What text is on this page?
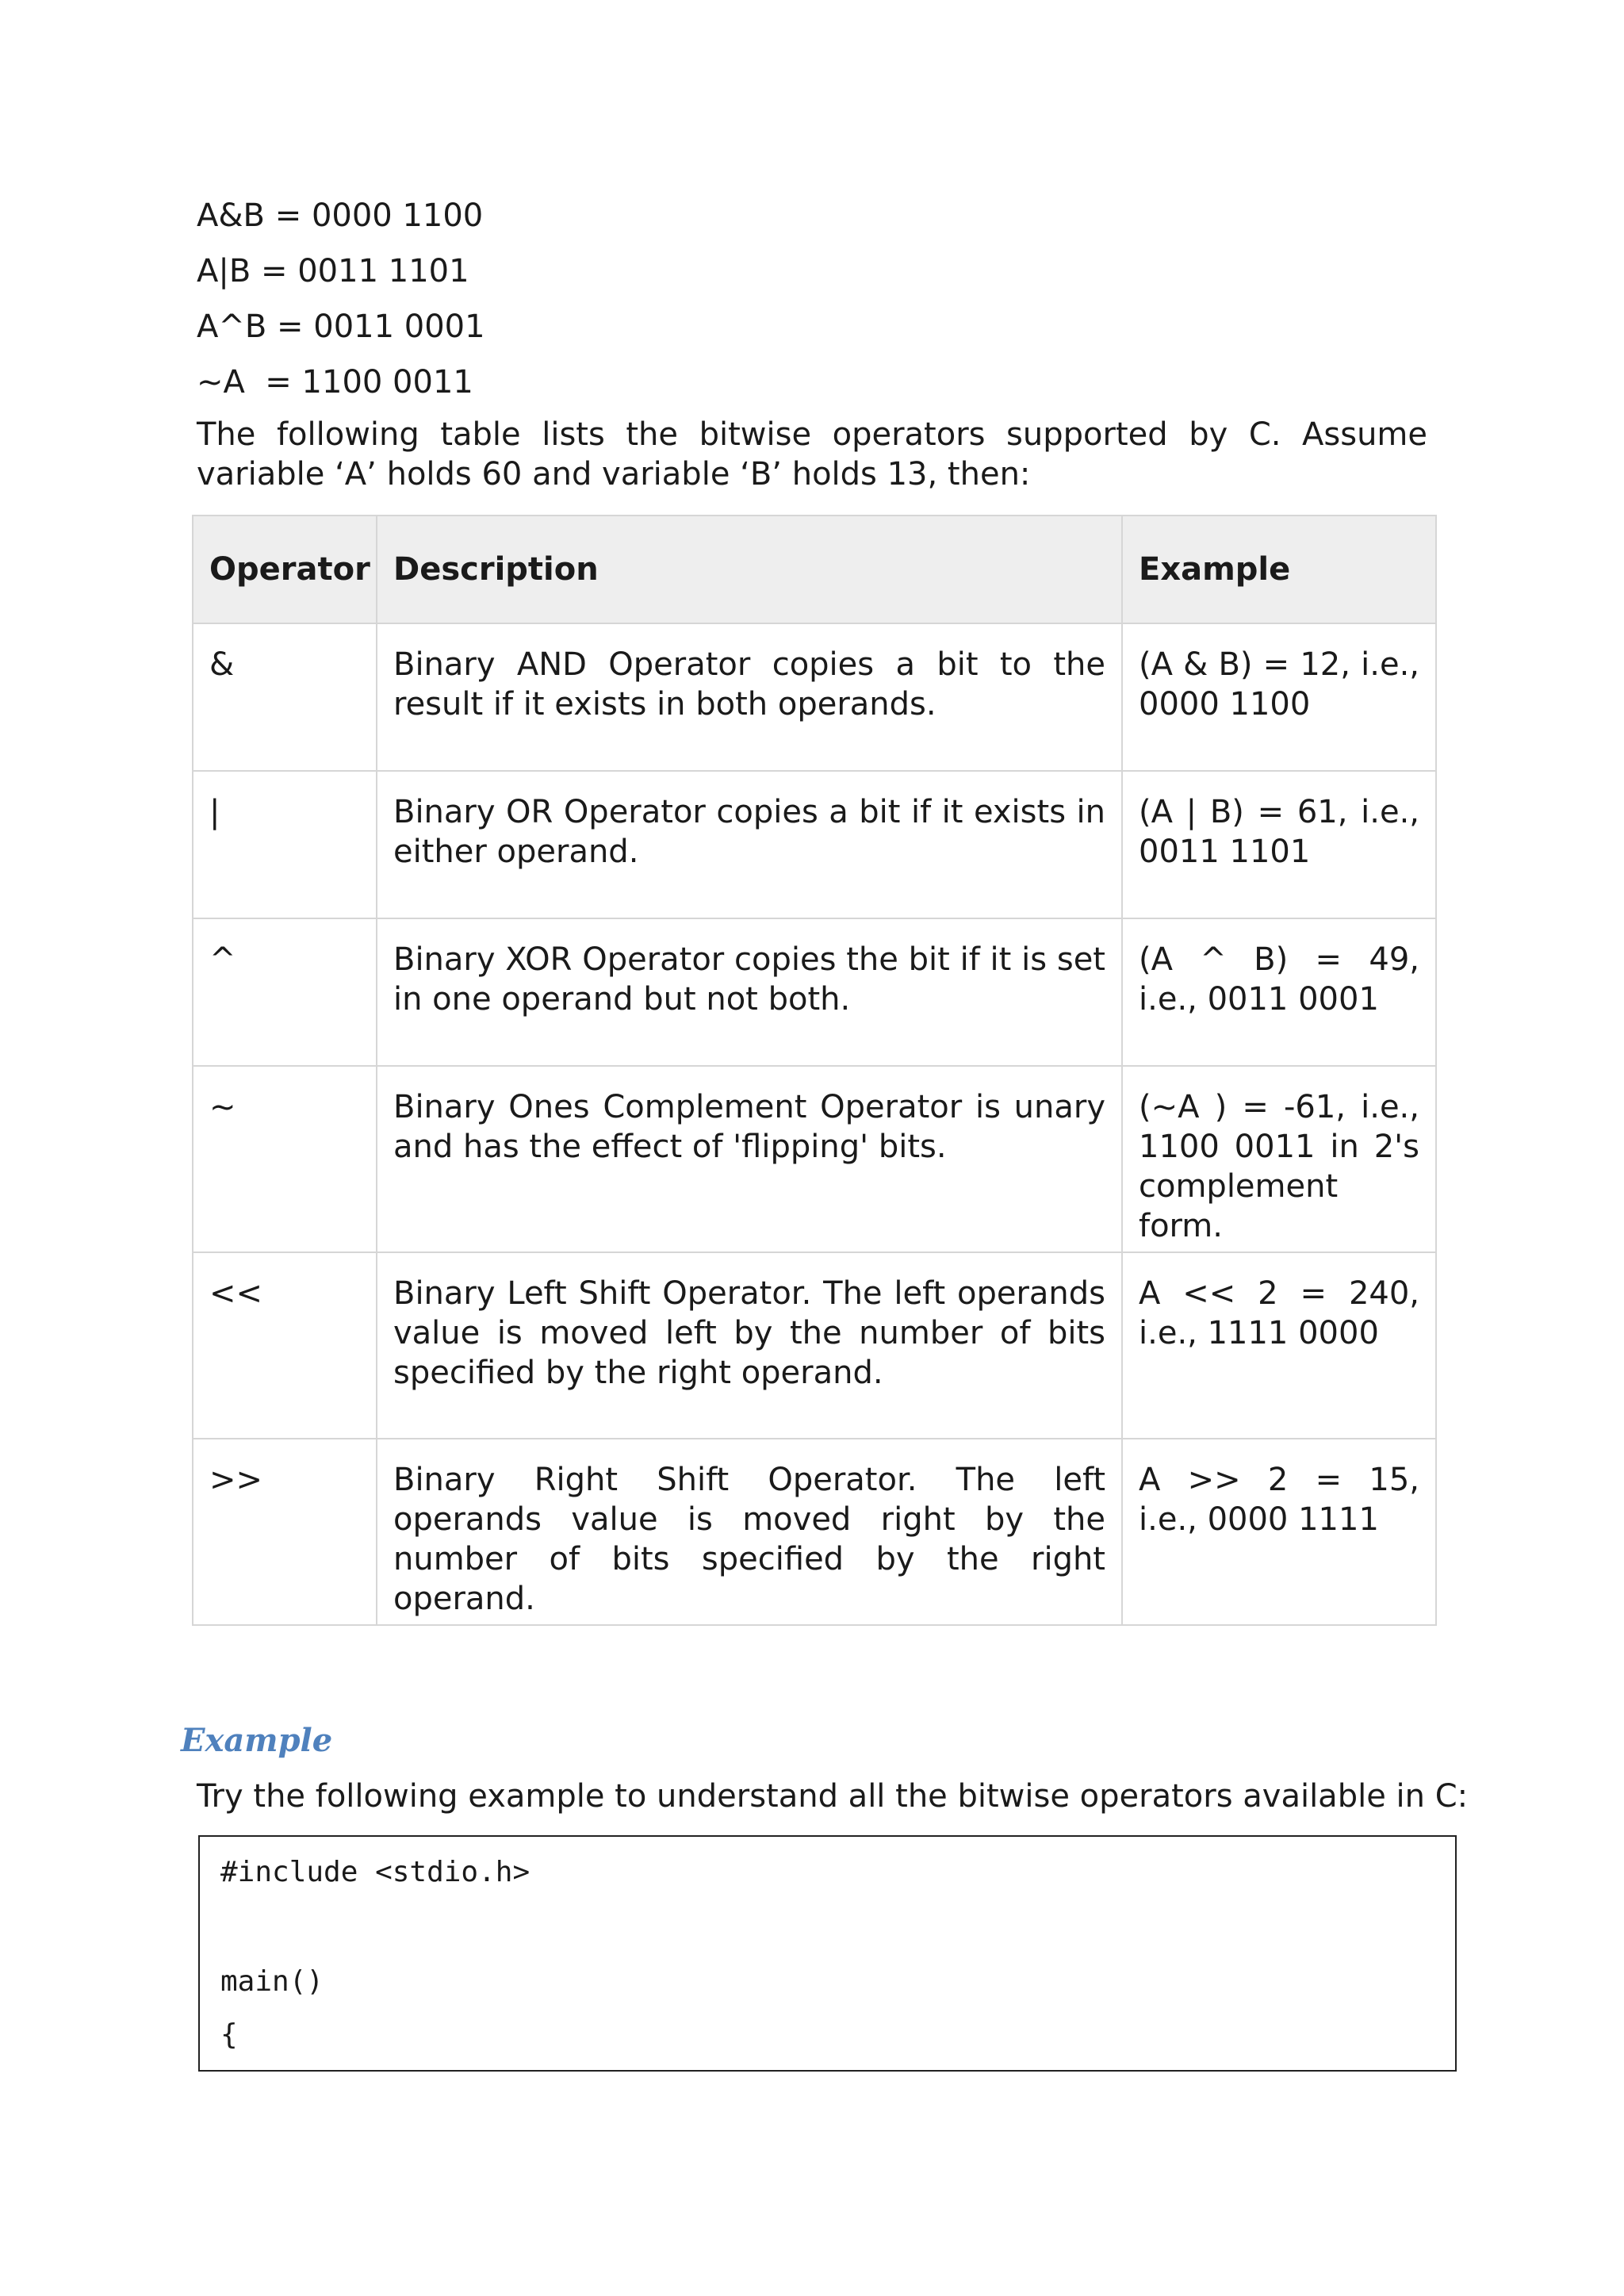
A&B = 0000 1100
A|B = 0011 1101
A^B = 0011 0001
~A  = 1100 0011

The following table lists the bitwise operators supported by C. Assume variable ‘A’ holds 60 and variable ‘B’ holds 13, then:

Operator	Description	Example
&	Binary AND Operator copies a bit to the result if it exists in both operands.	(A & B) = 12, i.e., 0000 1100
|	Binary OR Operator copies a bit if it exists in either operand.	(A | B) = 61, i.e., 0011 1101
^	Binary XOR Operator copies the bit if it is set in one operand but not both.	(A ^ B) = 49, i.e., 0011 0001
~	Binary Ones Complement Operator is unary and has the effect of 'flipping' bits.	(~A ) = -61, i.e., 1100 0011 in 2's complement form.
<<	Binary Left Shift Operator. The left operands value is moved left by the number of bits specified by the right operand.	A << 2 = 240, i.e., 1111 0000
>>	Binary Right Shift Operator. The left operands value is moved right by the number of bits specified by the right operand.	A >> 2 = 15, i.e., 0000 1111
Example
Try the following example to understand all the bitwise operators available in C:
#include <stdio.h>
main()
{
